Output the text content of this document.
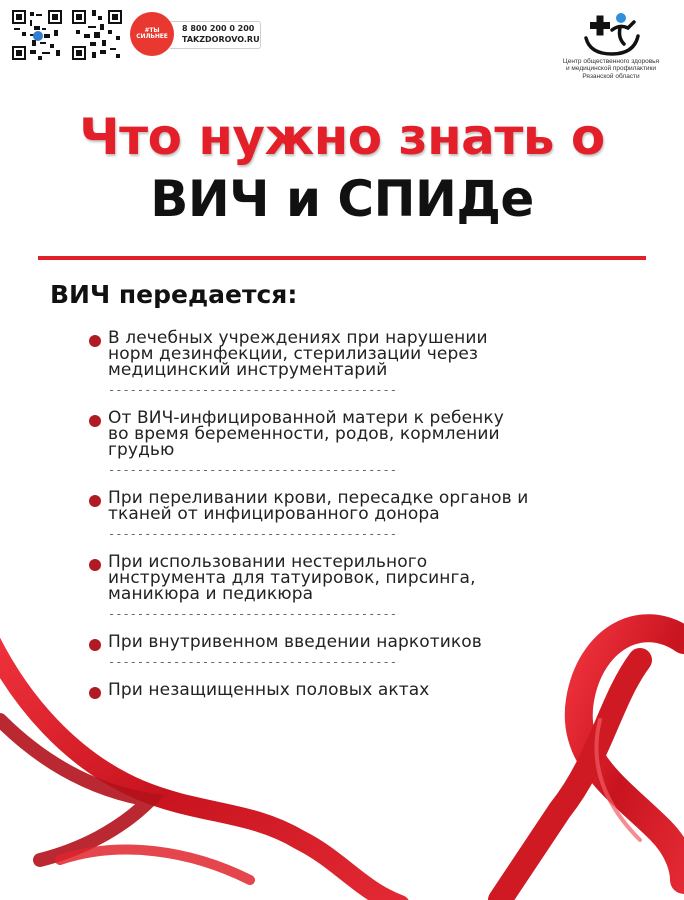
#ТЫ СИЛЬНЕЕ
8 800 200 0 200
TAKZDOROVO.RU
Центр общественного здоровья
и медицинской профилактики
Рязанской области
Что нужно знать о
ВИЧ и СПИДе
ВИЧ передается:
В лечебных учреждениях при нарушении
норм дезинфекции, стерилизации через
медицинский инструментарий
----------------------------------------
От ВИЧ-инфицированной матери к ребенку
во время беременности, родов, кормлении
грудью
----------------------------------------
При переливании крови, пересадке органов и
тканей от инфицированного донора
----------------------------------------
При использовании нестерильного
инструмента для татуировок, пирсинга,
маникюра и педикюра
----------------------------------------
При внутривенном введении наркотиков
----------------------------------------
При незащищенных половых актах
